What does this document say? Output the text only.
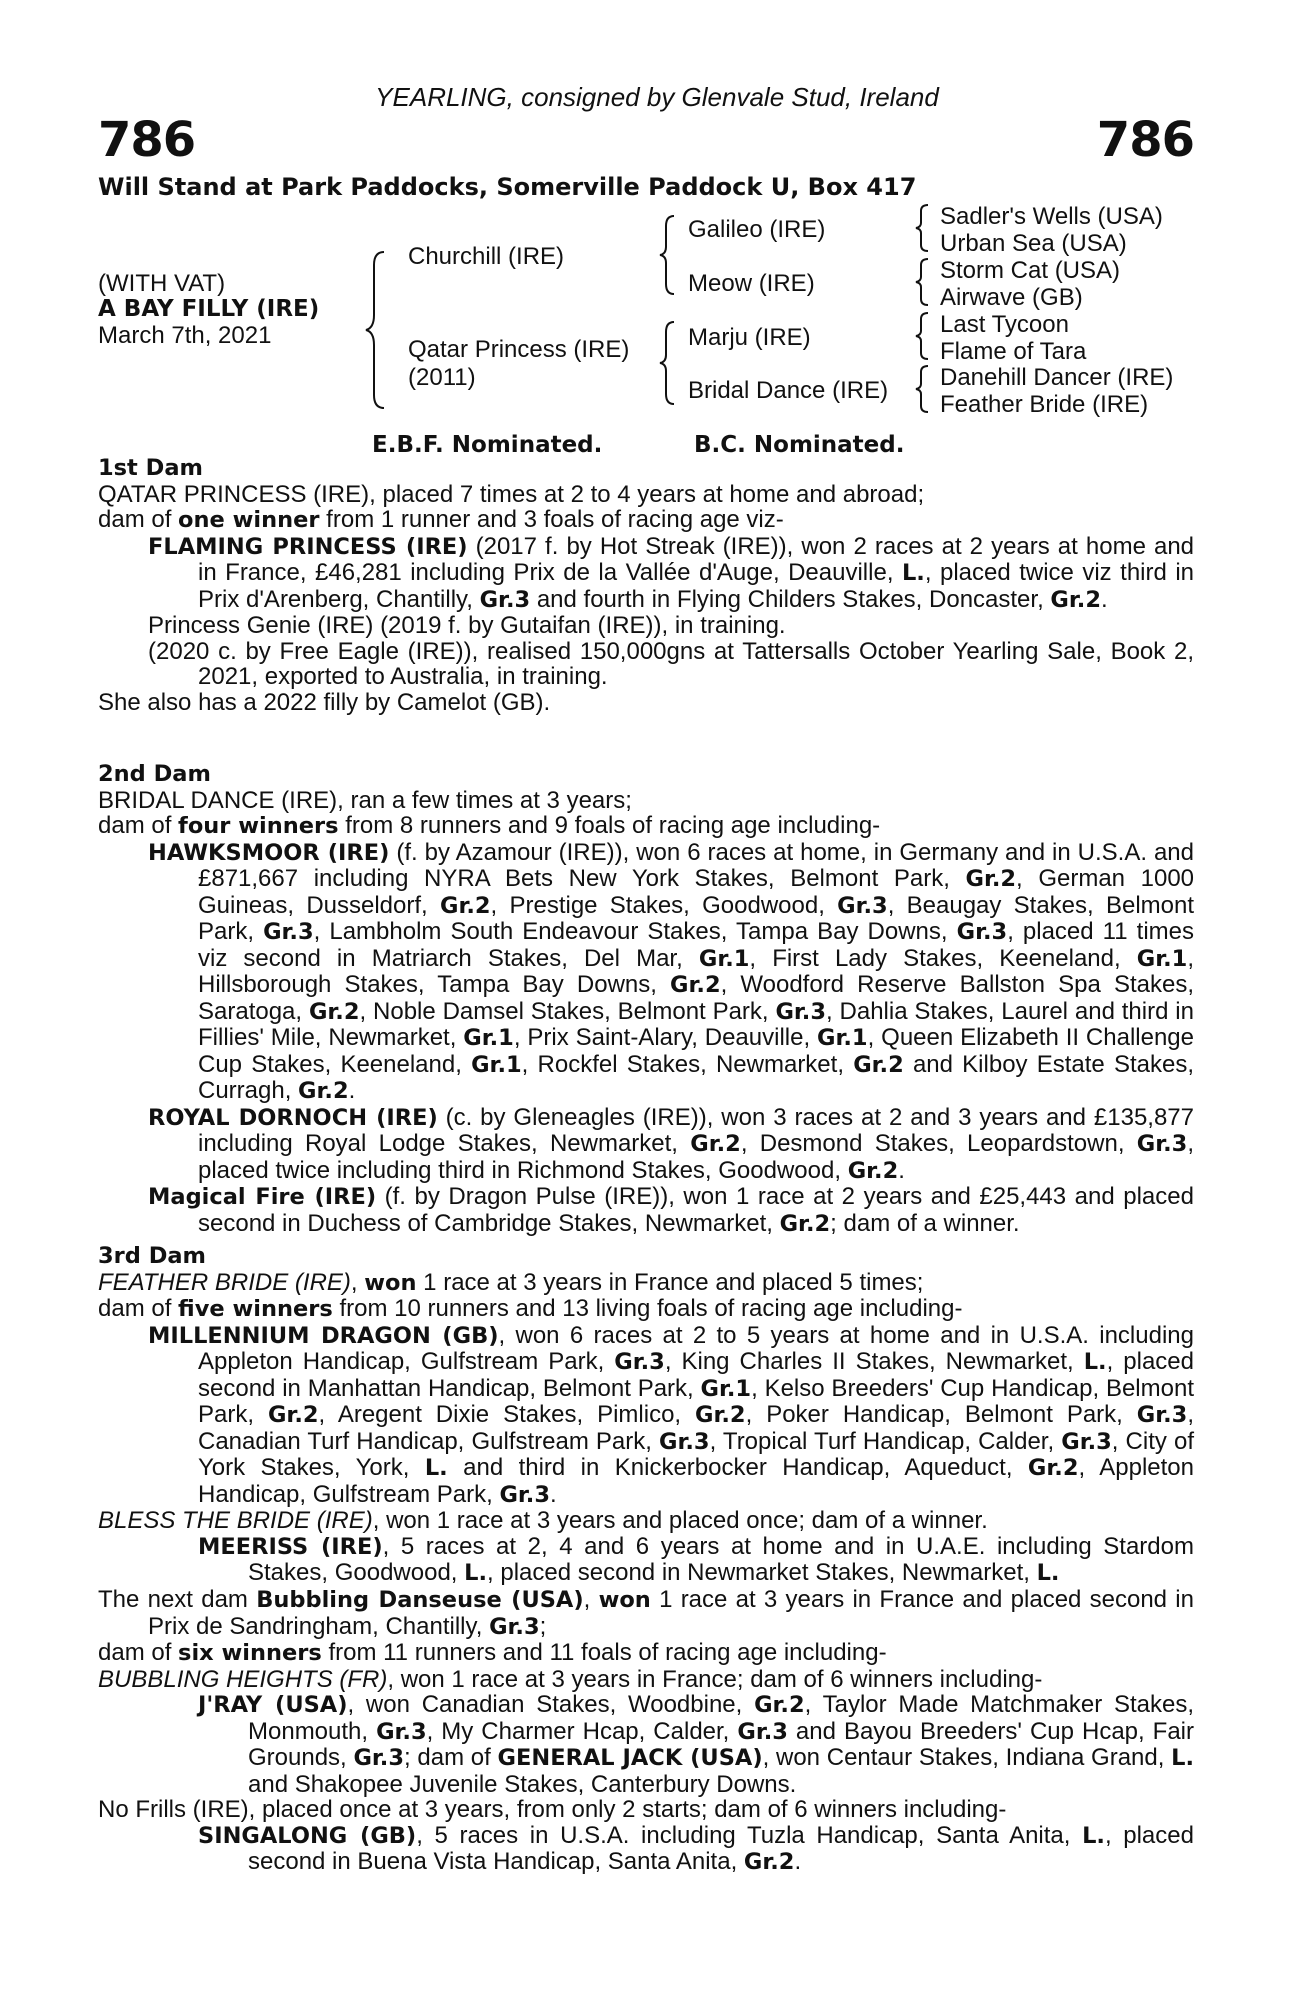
YEARLING, consigned by Glenvale Stud, Ireland
786	786
Will Stand at Park Paddocks, Somerville Paddock U, Box 417
(WITH VAT)
A BAY FILLY (IRE)
March 7th, 2021
Churchill (IRE)
Qatar Princess (IRE)
(2011)
Galileo (IRE)
Meow (IRE)
Marju (IRE)
Bridal Dance (IRE)
Sadler's Wells (USA)
Urban Sea (USA)
Storm Cat (USA)
Airwave (GB)
Last Tycoon
Flame of Tara
Danehill Dancer (IRE)
Feather Bride (IRE)
E.B.F. Nominated.	B.C. Nominated.
1st Dam
QATAR PRINCESS (IRE), placed 7 times at 2 to 4 years at home and abroad;
dam of one winner from 1 runner and 3 foals of racing age viz-
FLAMING PRINCESS (IRE) (2017 f. by Hot Streak (IRE)), won 2 races at 2 years at home and in France, £46,281 including Prix de la Vallée d'Auge, Deauville, L., placed twice viz third in Prix d'Arenberg, Chantilly, Gr.3 and fourth in Flying Childers Stakes, Doncaster, Gr.2.
Princess Genie (IRE) (2019 f. by Gutaifan (IRE)), in training.
(2020 c. by Free Eagle (IRE)), realised 150,000gns at Tattersalls October Yearling Sale, Book 2, 2021, exported to Australia, in training.
She also has a 2022 filly by Camelot (GB).
2nd Dam
BRIDAL DANCE (IRE), ran a few times at 3 years;
dam of four winners from 8 runners and 9 foals of racing age including-
HAWKSMOOR (IRE) (f. by Azamour (IRE)), won 6 races at home, in Germany and in U.S.A. and £871,667 including NYRA Bets New York Stakes, Belmont Park, Gr.2, German 1000 Guineas, Dusseldorf, Gr.2, Prestige Stakes, Goodwood, Gr.3, Beaugay Stakes, Belmont Park, Gr.3, Lambholm South Endeavour Stakes, Tampa Bay Downs, Gr.3, placed 11 times viz second in Matriarch Stakes, Del Mar, Gr.1, First Lady Stakes, Keeneland, Gr.1, Hillsborough Stakes, Tampa Bay Downs, Gr.2, Woodford Reserve Ballston Spa Stakes, Saratoga, Gr.2, Noble Damsel Stakes, Belmont Park, Gr.3, Dahlia Stakes, Laurel and third in Fillies' Mile, Newmarket, Gr.1, Prix Saint-Alary, Deauville, Gr.1, Queen Elizabeth II Challenge Cup Stakes, Keeneland, Gr.1, Rockfel Stakes, Newmarket, Gr.2 and Kilboy Estate Stakes, Curragh, Gr.2.
ROYAL DORNOCH (IRE) (c. by Gleneagles (IRE)), won 3 races at 2 and 3 years and £135,877 including Royal Lodge Stakes, Newmarket, Gr.2, Desmond Stakes, Leopardstown, Gr.3, placed twice including third in Richmond Stakes, Goodwood, Gr.2.
Magical Fire (IRE) (f. by Dragon Pulse (IRE)), won 1 race at 2 years and £25,443 and placed second in Duchess of Cambridge Stakes, Newmarket, Gr.2; dam of a winner.
3rd Dam
FEATHER BRIDE (IRE), won 1 race at 3 years in France and placed 5 times;
dam of five winners from 10 runners and 13 living foals of racing age including-
MILLENNIUM DRAGON (GB), won 6 races at 2 to 5 years at home and in U.S.A. including Appleton Handicap, Gulfstream Park, Gr.3, King Charles II Stakes, Newmarket, L., placed second in Manhattan Handicap, Belmont Park, Gr.1, Kelso Breeders' Cup Handicap, Belmont Park, Gr.2, Aregent Dixie Stakes, Pimlico, Gr.2, Poker Handicap, Belmont Park, Gr.3, Canadian Turf Handicap, Gulfstream Park, Gr.3, Tropical Turf Handicap, Calder, Gr.3, City of York Stakes, York, L. and third in Knickerbocker Handicap, Aqueduct, Gr.2, Appleton Handicap, Gulfstream Park, Gr.3.
BLESS THE BRIDE (IRE), won 1 race at 3 years and placed once; dam of a winner.
MEERISS (IRE), 5 races at 2, 4 and 6 years at home and in U.A.E. including Stardom Stakes, Goodwood, L., placed second in Newmarket Stakes, Newmarket, L.
The next dam Bubbling Danseuse (USA), won 1 race at 3 years in France and placed second in Prix de Sandringham, Chantilly, Gr.3;
dam of six winners from 11 runners and 11 foals of racing age including-
BUBBLING HEIGHTS (FR), won 1 race at 3 years in France; dam of 6 winners including-
J'RAY (USA), won Canadian Stakes, Woodbine, Gr.2, Taylor Made Matchmaker Stakes, Monmouth, Gr.3, My Charmer Hcap, Calder, Gr.3 and Bayou Breeders' Cup Hcap, Fair Grounds, Gr.3; dam of GENERAL JACK (USA), won Centaur Stakes, Indiana Grand, L. and Shakopee Juvenile Stakes, Canterbury Downs.
No Frills (IRE), placed once at 3 years, from only 2 starts; dam of 6 winners including-
SINGALONG (GB), 5 races in U.S.A. including Tuzla Handicap, Santa Anita, L., placed second in Buena Vista Handicap, Santa Anita, Gr.2.
